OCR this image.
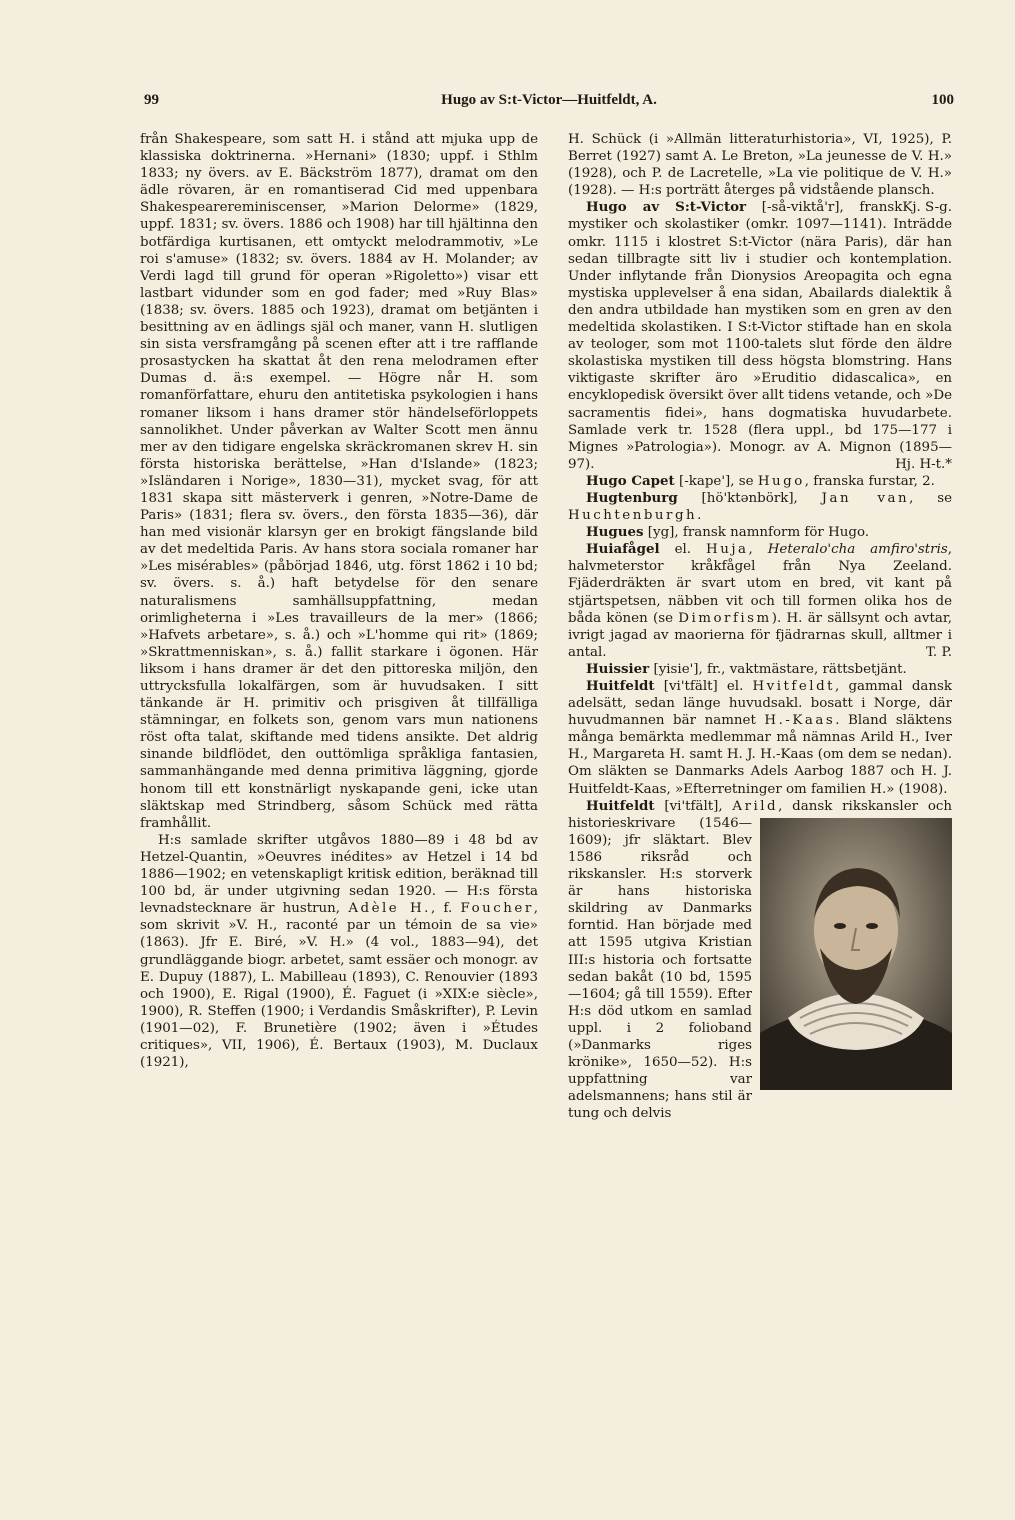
99	Hugo av S:t-Victor—Huitfeldt, A.	100

från Shakespeare, som satt H. i stånd att mjuka upp de klassiska doktrinerna. »Hernani» (1830; uppf. i Sthlm 1833; ny övers. av E. Bäckström 1877), dramat om den ädle rövaren, är en romantiserad Cid med uppenbara Shakespearereminiscenser, »Marion Delorme» (1829, uppf. 1831; sv. övers. 1886 och 1908) har till hjältinna den botfärdiga kurtisanen, ett omtyckt melodrammotiv, »Le roi s'amuse» (1832; sv. övers. 1884 av H. Molander; av Verdi lagd till grund för operan »Rigoletto») visar ett lastbart vidunder som en god fader; med »Ruy Blas» (1838; sv. övers. 1885 och 1923), dramat om betjänten i besittning av en ädlings själ och maner, vann H. slutligen sin sista versframgång på scenen efter att i tre rafflande prosastycken ha skattat åt den rena melodramen efter Dumas d. ä:s exempel. — Högre når H. som romanförfattare, ehuru den antitetiska psykologien i hans romaner liksom i hans dramer stör händelseförloppets sannolikhet. Under påverkan av Walter Scott men ännu mer av den tidigare engelska skräckromanen skrev H. sin första historiska berättelse, »Han d'Islande» (1823; »Isländaren i Norige», 1830—31), mycket svag, för att 1831 skapa sitt mästerverk i genren, »Notre-Dame de Paris» (1831; flera sv. övers., den första 1835—36), där han med visionär klarsyn ger en brokigt fängslande bild av det medeltida Paris. Av hans stora sociala romaner har »Les misérables» (påbörjad 1846, utg. först 1862 i 10 bd; sv. övers. s. å.) haft betydelse för den senare naturalismens samhällsuppfattning, medan orimligheterna i »Les travailleurs de la mer» (1866; »Hafvets arbetare», s. å.) och »L'homme qui rit» (1869; »Skrattmenniskan», s. å.) fallit starkare i ögonen. Här liksom i hans dramer är det den pittoreska miljön, den uttrycksfulla lokalfärgen, som är huvudsaken. I sitt tänkande är H. primitiv och prisgiven åt tillfälliga stämningar, en folkets son, genom vars mun nationens röst ofta talat, skiftande med tidens ansikte. Det aldrig sinande bildflödet, den outtömliga språkliga fantasien, sammanhängande med denna primitiva läggning, gjorde honom till ett konstnärligt nyskapande geni, icke utan släktskap med Strindberg, såsom Schück med rätta framhållit.

H:s samlade skrifter utgåvos 1880—89 i 48 bd av Hetzel-Quantin, »Oeuvres inédites» av Hetzel i 14 bd 1886—1902; en vetenskapligt kritisk edition, beräknad till 100 bd, är under utgivning sedan 1920. — H:s första levnadstecknare är hustrun, Adèle H., f. Foucher, som skrivit »V. H., raconté par un témoin de sa vie» (1863). Jfr E. Biré, »V. H.» (4 vol., 1883—94), det grundläggande biogr. arbetet, samt essäer och monogr. av E. Dupuy (1887), L. Mabilleau (1893), C. Renouvier (1893 och 1900), E. Rigal (1900), É. Faguet (i »XIX:e siècle», 1900), R. Steffen (1900; i Verdandis Småskrifter), P. Levin (1901—02), F. Brunetière (1902; även i »Études critiques», VII, 1906), É. Bertaux (1903), M. Duclaux (1921),

H. Schück (i »Allmän litteraturhistoria», VI, 1925), P. Berret (1927) samt A. Le Breton, »La jeunesse de V. H.» (1928), och P. de Lacretelle, »La vie politique de V. H.» (1928). — H:s porträtt återges på vidstående plansch.
Kj. S-g.

Hugo av S:t-Victor [-så-viktå'r], fransk mystiker och skolastiker (omkr. 1097—1141). Inträdde omkr. 1115 i klostret S:t-Victor (nära Paris), där han sedan tillbragte sitt liv i studier och kontemplation. Under inflytande från Dionysios Areopagita och egna mystiska upplevelser å ena sidan, Abailards dialektik å den andra utbildade han mystiken som en gren av den medeltida skolastiken. I S:t-Victor stiftade han en skola av teologer, som mot 1100-talets slut förde den äldre skolastiska mystiken till dess högsta blomstring. Hans viktigaste skrifter äro »Eruditio didascalica», en encyklopedisk översikt över allt tidens vetande, och »De sacramentis fidei», hans dogmatiska huvudarbete. Samlade verk tr. 1528 (flera uppl., bd 175—177 i Mignes »Patrologia»). Monogr. av A. Mignon (1895—97).	Hj. H-t.*

Hugo Capet [-kape'], se Hugo, franska furstar, 2.

Hugtenburg [hö'ktənbörk], Jan van, se Huchtenburgh.

Hugues [yg], fransk namnform för Hugo.

Huiafågel el. Huja, Heteralo'cha amfiro'stris, halvmeterstor kråkfågel från Nya Zeeland. Fjäderdräkten är svart utom en bred, vit kant på stjärtspetsen, näbben vit och till formen olika hos de båda könen (se Dimorfism). H. är sällsynt och avtar, ivrigt jagad av maorierna för fjädrarnas skull, alltmer i antal.	T. P.

Huissier [yisie'], fr., vaktmästare, rättsbetjänt.

Huitfeldt [vi'tfält] el. Hvitfeldt, gammal dansk adelsätt, sedan länge huvudsakl. bosatt i Norge, där huvudmannen bär namnet H.-Kaas. Bland släktens många bemärkta medlemmar må nämnas Arild H., Iver H., Margareta H. samt H. J. H.-Kaas (om dem se nedan). Om släkten se Danmarks Adels Aarbog 1887 och H. J. Huitfeldt-Kaas, »Efterretninger om familien H.» (1908).

Huitfeldt [vi'tfält], Arild
, dansk rikskansler och historieskrivare (1546—1609); jfr släktart. Blev 1586 riksråd och rikskansler. H:s storverk är hans historiska skildring av Danmarks forntid. Han började med att 1595 utgiva Kristian III:s historia och fortsatte sedan bakåt (10 bd, 1595—1604; gå till 1559). Efter H:s död utkom en samlad uppl. i 2 folioband (»Danmarks riges krönike», 1650—52). H:s uppfattning var adelsmannens; hans stil är tung och delvis
